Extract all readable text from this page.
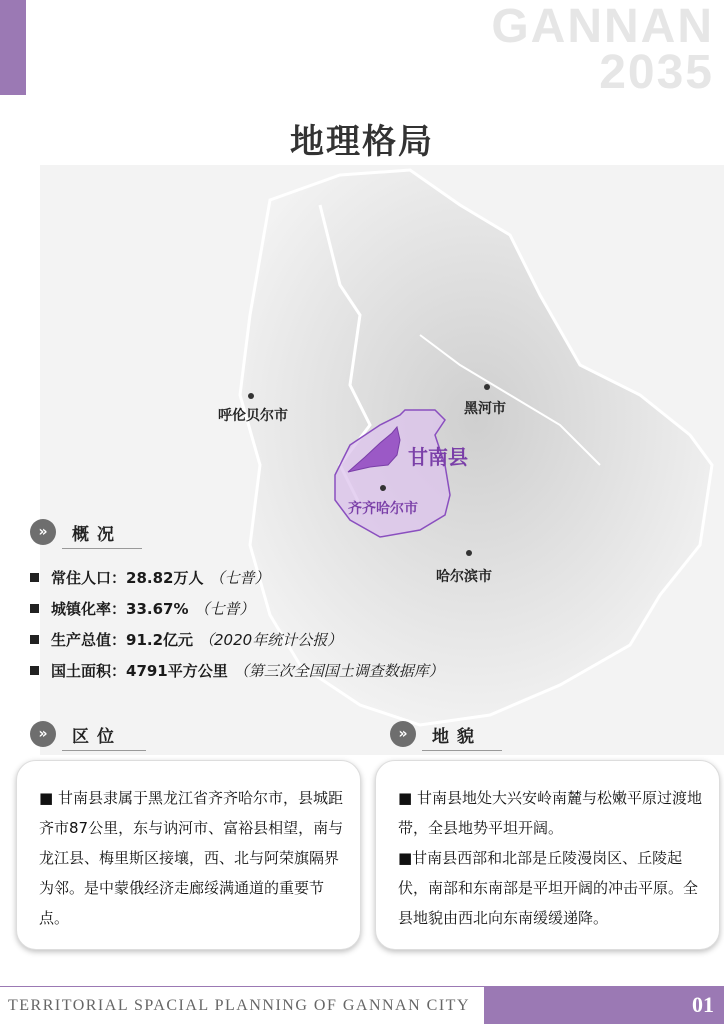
GANNAN
2035
地理格局
呼伦贝尔市	黑河市
甘南县
齐齐哈尔市
哈尔滨市
»	概况
常住人口：28.82万人 （七普）
城镇化率：33.67% （七普）
生产总值：91.2亿元 （2020年统计公报）
国土面积：4791平方公里 （第三次全国国土调查数据库）
»	区位

■ 甘南县隶属于黑龙江省齐齐哈尔市，县城距齐市87公里，东与讷河市、富裕县相望，南与龙江县、梅里斯区接壤，西、北与阿荣旗隔界为邻。是中蒙俄经济走廊绥满通道的重要节点。

»	地貌

■ 甘南县地处大兴安岭南麓与松嫩平原过渡地带，全县地势平坦开阔。

■甘南县西部和北部是丘陵漫岗区、丘陵起伏，南部和东南部是平坦开阔的冲击平原。全县地貌由西北向东南缓缓递降。

TERRITORIAL SPACIAL PLANNING OF GANNAN CITY	01
